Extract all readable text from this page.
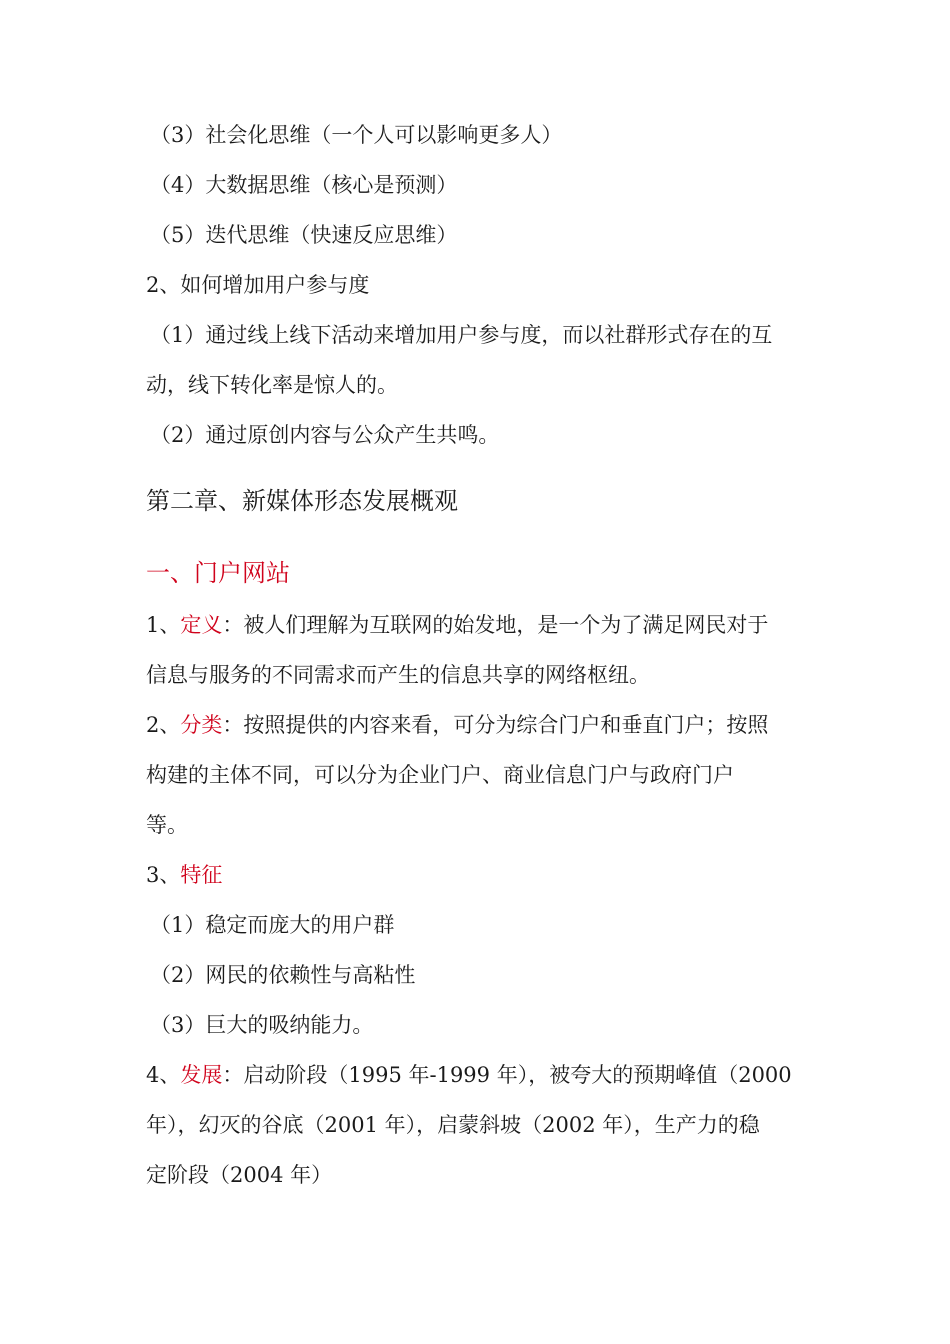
（3）社会化思维（一个人可以影响更多人）
（4）大数据思维（核心是预测）
（5）迭代思维（快速反应思维）
2、如何增加用户参与度
（1）通过线上线下活动来增加用户参与度，而以社群形式存在的互
动，线下转化率是惊人的。
（2）通过原创内容与公众产生共鸣。
第二章、新媒体形态发展概观
一、门户网站
1、定义：被人们理解为互联网的始发地，是一个为了满足网民对于
信息与服务的不同需求而产生的信息共享的网络枢纽。
2、分类：按照提供的内容来看，可分为综合门户和垂直门户；按照
构建的主体不同，可以分为企业门户、商业信息门户与政府门户
等。
3、特征
（1）稳定而庞大的用户群
（2）网民的依赖性与高粘性
（3）巨大的吸纳能力。
4、发展：启动阶段（1995 年-1999 年），被夸大的预期峰值（2000
年），幻灭的谷底（2001 年），启蒙斜坡（2002 年），生产力的稳
定阶段（2004 年）
